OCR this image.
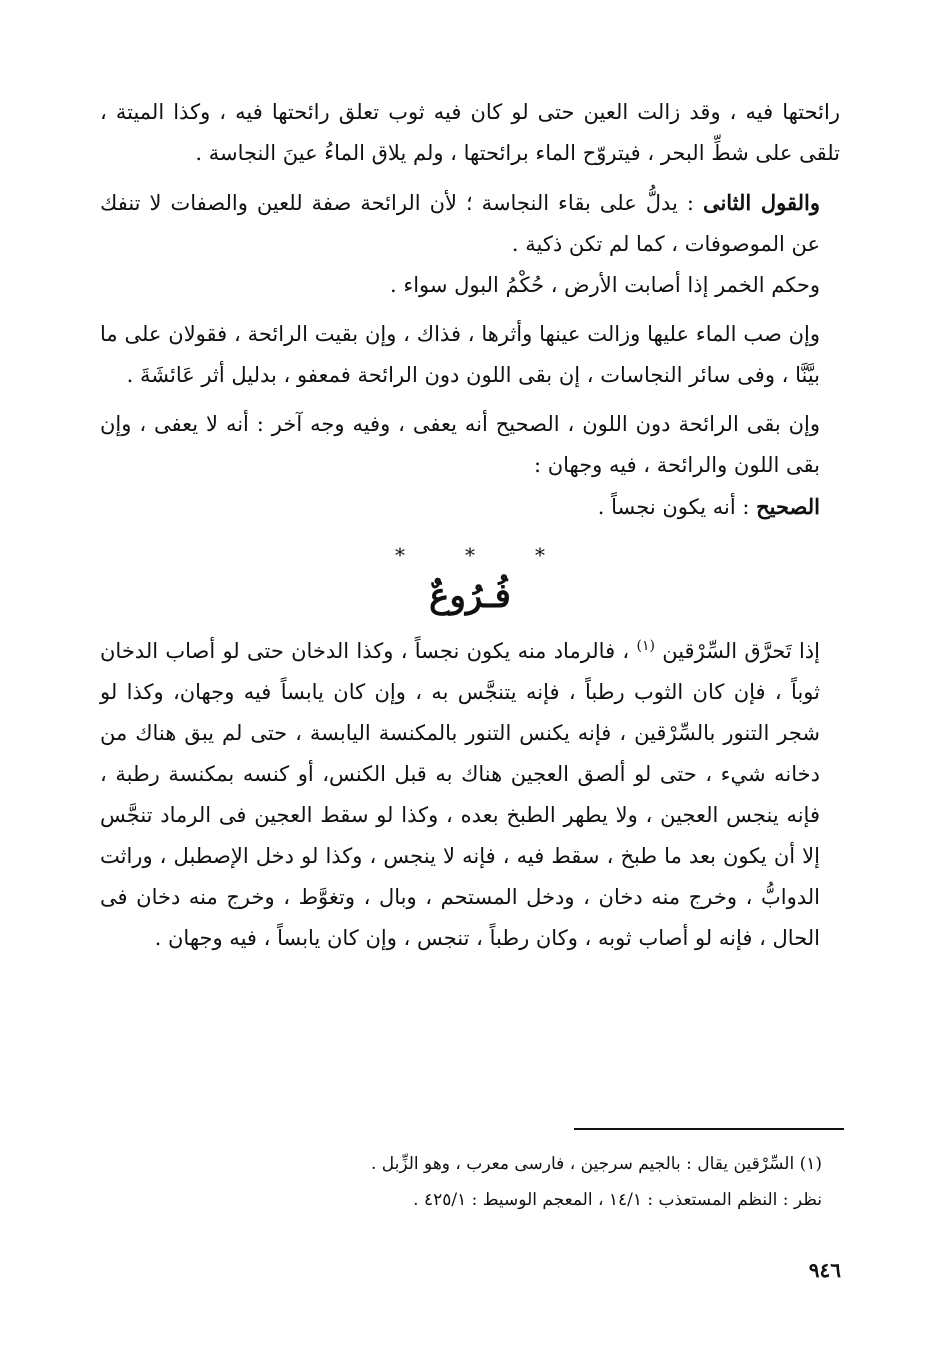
رائحتها فيه ، وقد زالت العين حتى لو كان فيه ثوب تعلق رائحتها فيه ، وكذا الميتة ، تلقى على شطِّ البحر ، فيتروّح الماء برائحتها ، ولم يلاق الماءُ عينَ النجاسة .

والقول الثانى : يدلُّ على بقاء النجاسة ؛ لأن الرائحة صفة للعين والصفات لا تنفك عن الموصوفات ، كما لم تكن ذكية .

وحكم الخمر إذا أصابت الأرض ، حُكْمُ البول سواء .

وإن صب الماء عليها وزالت عينها وأثرها ، فذاك ، وإن بقيت الرائحة ، فقولان على ما بيَّنَّا ، وفى سائر النجاسات ، إن بقى اللون دون الرائحة فمعفو ، بدليل أثر عَائشَةَ .

وإن بقى الرائحة دون اللون ، الصحيح أنه يعفى ، وفيه وجه آخر : أنه لا يعفى ، وإن بقى اللون والرائحة ، فيه وجهان :

الصحيح : أنه يكون نجساً .

***
فُـرُوعٌ

إذا تَحرَّق السِّرْقين $^{(١)}$ ، فالرماد منه يكون نجساً ، وكذا الدخان حتى لو أصاب الدخان ثوباً ، فإن كان الثوب رطباً ، فإنه يتنجَّس به ، وإن كان يابساً فيه وجهان، وكذا لو شجر التنور بالسِّرْقين ، فإنه يكنس التنور بالمكنسة اليابسة ، حتى لم يبق هناك من دخانه شيء ، حتى لو ألصق العجين هناك به قبل الكنس، أو كنسه بمكنسة رطبة ، فإنه ينجس العجين ، ولا يطهر الطبخ بعده ، وكذا لو سقط العجين فى الرماد تنجَّس إلا أن يكون بعد ما طبخ ، سقط فيه ، فإنه لا ينجس ، وكذا لو دخل الإصطبل ، وراثت الدوابُّ ، وخرج منه دخان ، ودخل المستحم ، وبال ، وتغوَّط ، وخرج منه دخان فى الحال ، فإنه لو أصاب ثوبه ، وكان رطباً ، تنجس ، وإن كان يابساً ، فيه وجهان .

(١) السِّرْقين يقال : بالجيم سرجين ، فارسى معرب ، وهو الزِّبل .
نظر : النظم المستعذب : ١٤/١ ، المعجم الوسيط : ٤٢٥/١ .
٩٤٦
